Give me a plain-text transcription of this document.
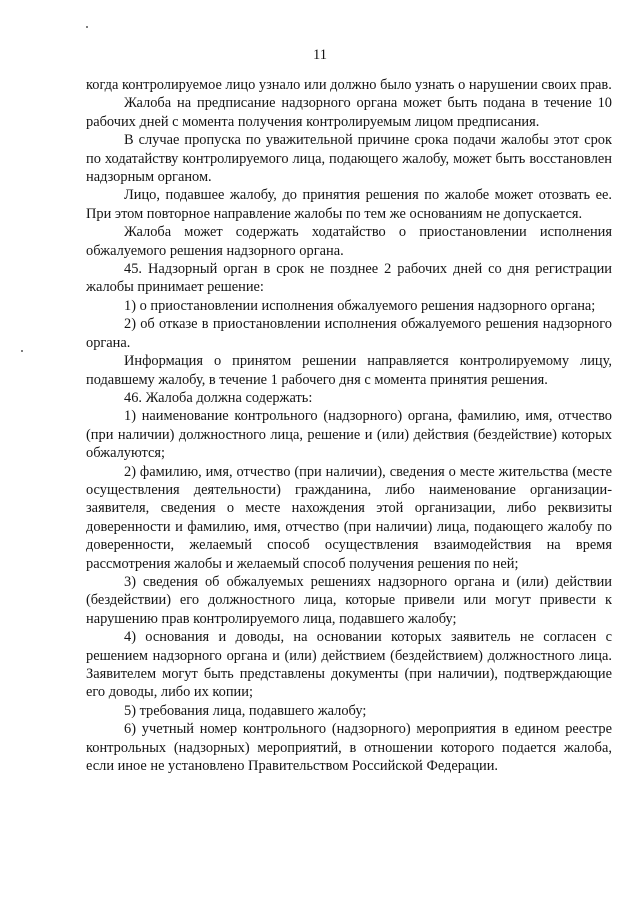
11

когда контролируемое лицо узнало или должно было узнать о нарушении своих прав.

Жалоба на предписание надзорного органа может быть подана в течение 10 рабочих дней с момента получения контролируемым лицом предписания.

В случае пропуска по уважительной причине срока подачи жалобы этот срок по ходатайству контролируемого лица, подающего жалобу, может быть восстановлен надзорным органом.

Лицо, подавшее жалобу, до принятия решения по жалобе может отозвать ее. При этом повторное направление жалобы по тем же основаниям не допускается.

Жалоба может содержать ходатайство о приостановлении исполнения обжалуемого решения надзорного органа.

45. Надзорный орган в срок не позднее 2 рабочих дней со дня регистрации жалобы принимает решение:

1) о приостановлении исполнения обжалуемого решения надзорного органа;

2) об отказе в приостановлении исполнения обжалуемого решения надзорного органа.

Информация о принятом решении направляется контролируемому лицу, подавшему жалобу, в течение 1 рабочего дня с момента принятия решения.

46. Жалоба должна содержать:

1) наименование контрольного (надзорного) органа, фамилию, имя, отчество (при наличии) должностного лица, решение и (или) действия (бездействие) которых обжалуются;

2) фамилию, имя, отчество (при наличии), сведения о месте жительства (месте осуществления деятельности) гражданина, либо наименование организации-заявителя, сведения о месте нахождения этой организации, либо реквизиты доверенности и фамилию, имя, отчество (при наличии) лица, подающего жалобу по доверенности, желаемый способ осуществления взаимодействия на время рассмотрения жалобы и желаемый способ получения решения по ней;

3) сведения об обжалуемых решениях надзорного органа и (или) действии (бездействии) его должностного лица, которые привели или могут привести к нарушению прав контролируемого лица, подавшего жалобу;

4) основания и доводы, на основании которых заявитель не согласен с решением надзорного органа и (или) действием (бездействием) должностного лица. Заявителем могут быть представлены документы (при наличии), подтверждающие его доводы, либо их копии;

5) требования лица, подавшего жалобу;

6) учетный номер контрольного (надзорного) мероприятия в едином реестре контрольных (надзорных) мероприятий, в отношении которого подается жалоба, если иное не установлено Правительством Российской Федерации.
